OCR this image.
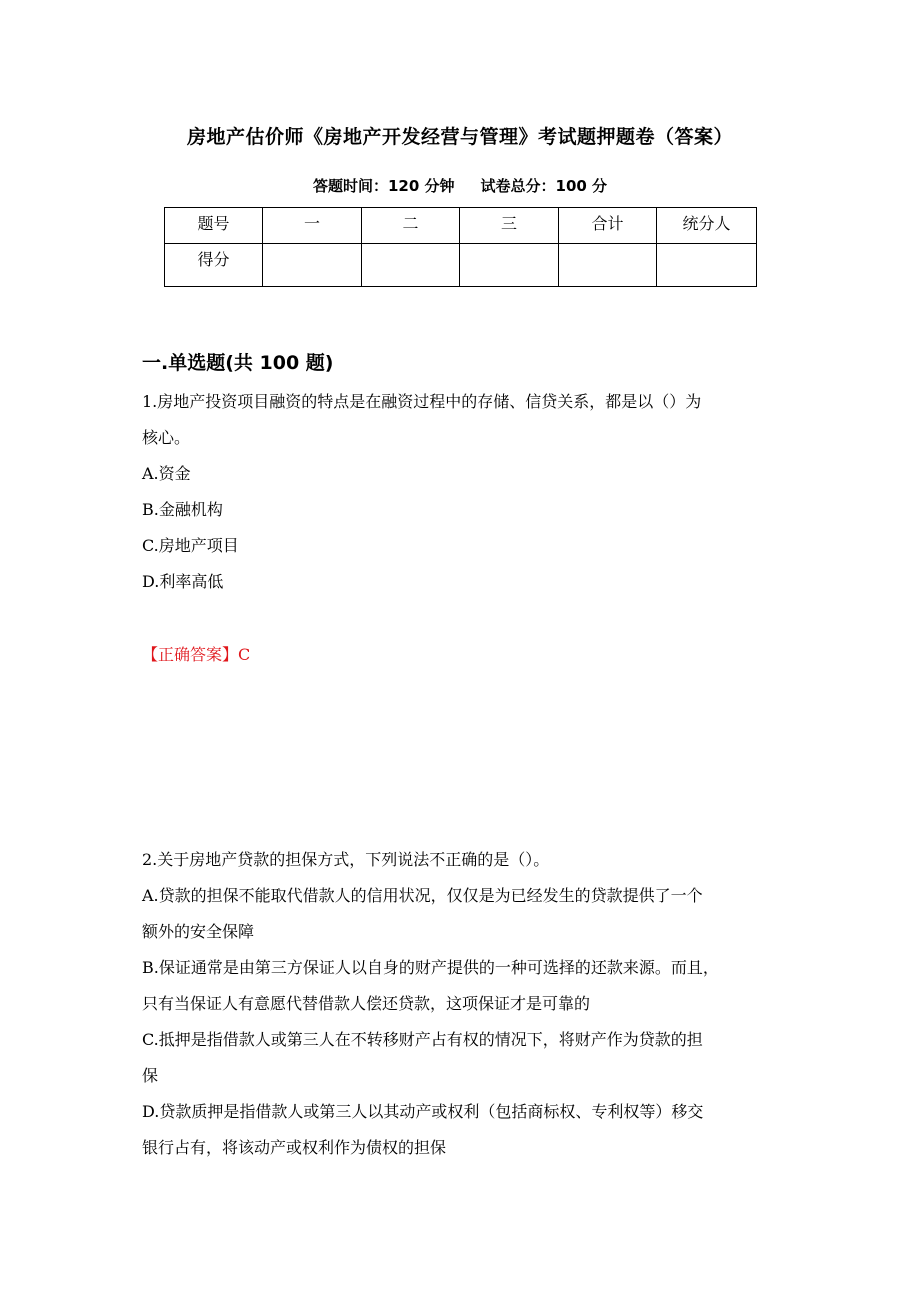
房地产估价师《房地产开发经营与管理》考试题押题卷（答案）
答题时间：120 分钟 试卷总分：100 分
题号	一	二	三	合计	统分人
得分					
一.单选题(共 100 题)

1.房地产投资项目融资的特点是在融资过程中的存储、信贷关系，都是以（）为

核心。

A.资金

B.金融机构

C.房地产项目

D.利率高低

【正确答案】C

2.关于房地产贷款的担保方式，下列说法不正确的是（）。

A.贷款的担保不能取代借款人的信用状况，仅仅是为已经发生的贷款提供了一个

额外的安全保障

B.保证通常是由第三方保证人以自身的财产提供的一种可选择的还款来源。而且，

只有当保证人有意愿代替借款人偿还贷款，这项保证才是可靠的

C.抵押是指借款人或第三人在不转移财产占有权的情况下，将财产作为贷款的担

保

D.贷款质押是指借款人或第三人以其动产或权利（包括商标权、专利权等）移交

银行占有，将该动产或权利作为债权的担保
